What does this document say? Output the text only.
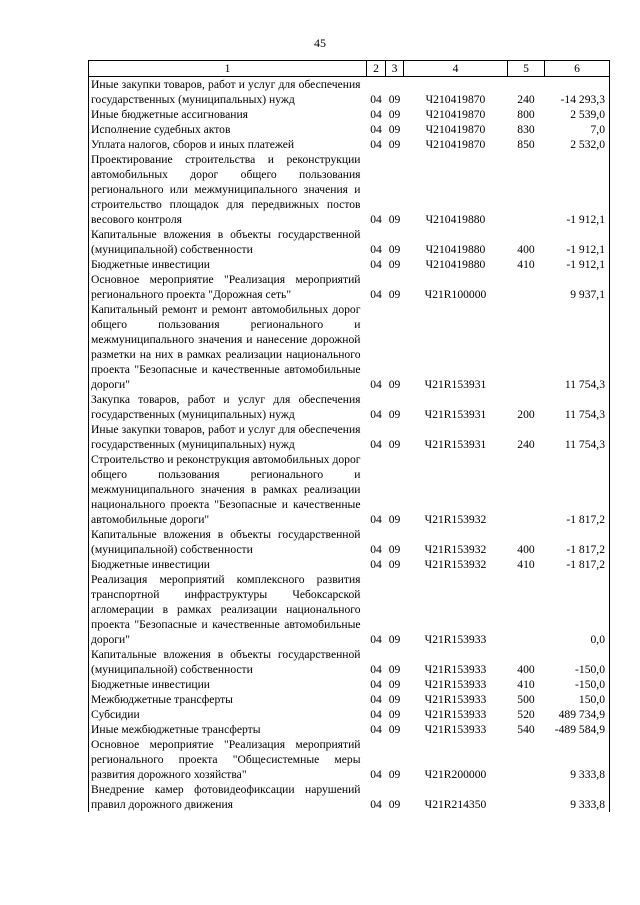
45
1	2	3	4	5	6
Иные закупки товаров, работ и услуг для обеспечения государственных (муниципальных) нужд	04	09	Ч210419870	240	-14 293,3
Иные бюджетные ассигнования	04	09	Ч210419870	800	2 539,0
Исполнение судебных актов	04	09	Ч210419870	830	7,0
Уплата налогов, сборов и иных платежей	04	09	Ч210419870	850	2 532,0
Проектирование строительства и реконструкции автомобильных дорог общего пользования регионального или межмуниципального значения и строительство площадок для передвижных постов весового контроля	04	09	Ч210419880		-1 912,1
Капитальные вложения в объекты государственной (муниципальной) собственности	04	09	Ч210419880	400	-1 912,1
Бюджетные инвестиции	04	09	Ч210419880	410	-1 912,1
Основное мероприятие "Реализация мероприятий регионального проекта "Дорожная сеть"	04	09	Ч21R100000		9 937,1
Капитальный ремонт и ремонт автомобильных дорог общего пользования регионального и межмуниципального значения и нанесение дорожной разметки на них в рамках реализации национального проекта "Безопасные и качественные автомобильные дороги"	04	09	Ч21R153931		11 754,3
Закупка товаров, работ и услуг для обеспечения государственных (муниципальных) нужд	04	09	Ч21R153931	200	11 754,3
Иные закупки товаров, работ и услуг для обеспечения государственных (муниципальных) нужд	04	09	Ч21R153931	240	11 754,3
Строительство и реконструкция автомобильных дорог общего пользования регионального и межмуниципального значения в рамках реализации национального проекта "Безопасные и качественные автомобильные дороги"	04	09	Ч21R153932		-1 817,2
Капитальные вложения в объекты государственной (муниципальной) собственности	04	09	Ч21R153932	400	-1 817,2
Бюджетные инвестиции	04	09	Ч21R153932	410	-1 817,2
Реализация мероприятий комплексного развития транспортной инфраструктуры Чебоксарской агломерации в рамках реализации национального проекта "Безопасные и качественные автомобильные дороги"	04	09	Ч21R153933		0,0
Капитальные вложения в объекты государственной (муниципальной) собственности	04	09	Ч21R153933	400	-150,0
Бюджетные инвестиции	04	09	Ч21R153933	410	-150,0
Межбюджетные трансферты	04	09	Ч21R153933	500	150,0
Субсидии	04	09	Ч21R153933	520	489 734,9
Иные межбюджетные трансферты	04	09	Ч21R153933	540	-489 584,9
Основное мероприятие "Реализация мероприятий регионального проекта "Общесистемные меры развития дорожного хозяйства"	04	09	Ч21R200000		9 333,8
Внедрение камер фотовидеофиксации нарушений правил дорожного движения	04	09	Ч21R214350		9 333,8
